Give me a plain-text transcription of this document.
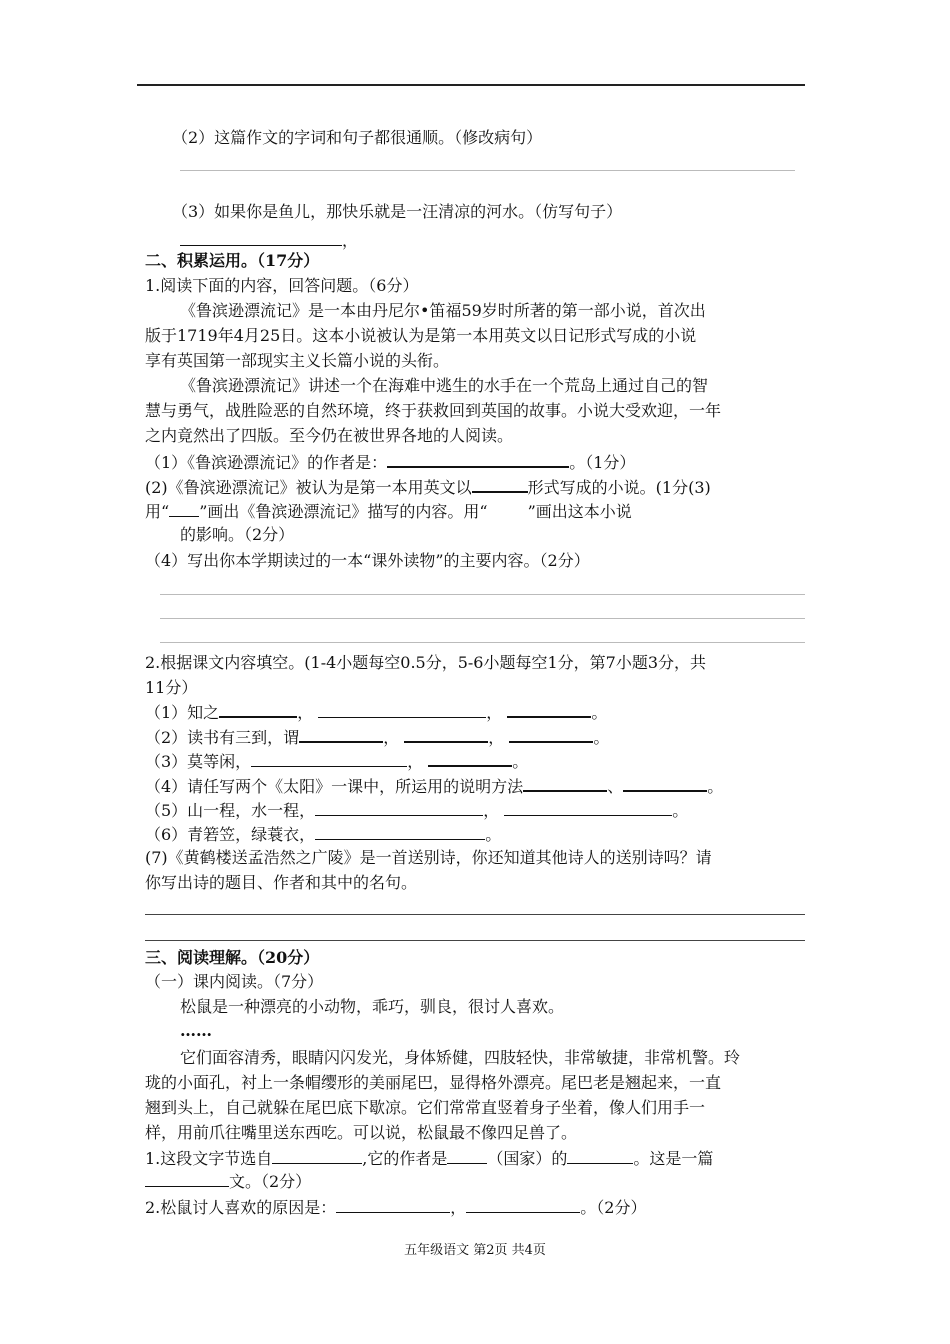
（2）这篇作文的字词和句子都很通顺。（修改病句）
（3）如果你是鱼儿，那快乐就是一汪清凉的河水。（仿写句子）
，
二、积累运用。（17分）
1.阅读下面的内容，回答问题。（6分）
《鲁滨逊漂流记》是一本由丹尼尔•笛福59岁时所著的第一部小说，首次出
版于1719年4月25日。这本小说被认为是第一本用英文以日记形式写成的小说
享有英国第一部现实主义长篇小说的头衔。
《鲁滨逊漂流记》讲述一个在海难中逃生的水手在一个荒岛上通过自己的智
慧与勇气，战胜险恶的自然环境，终于获救回到英国的故事。小说大受欢迎，一年
之内竟然出了四版。至今仍在被世界各地的人阅读。
（1）《鲁滨逊漂流记》的作者是：	。（1分）
(2)《鲁滨逊漂流记》被认为是第一本用英文以	形式写成的小说。(1分(3)
用“ ”画出《鲁滨逊漂流记》描写的内容。用“	”画出这本小说
的影响。（2分）
（4）写出你本学期读过的一本“课外读物”的主要内容。（2分）
2.根据课文内容填空。(1-4小题每空0.5分，5-6小题每空1分，第7小题3分，共
11分）
（1）知之	，	，	。
（2）读书有三到，谓	，	，	。
（3）莫等闲，	，	。
（4）请任写两个《太阳》一课中，所运用的说明方法	、	。
（5）山一程，水一程，	，	。
（6）青箬笠，绿蓑衣，	。
(7)《黄鹤楼送孟浩然之广陵》是一首送别诗，你还知道其他诗人的送别诗吗？请
你写出诗的题目、作者和其中的名句。
三、阅读理解。（20分）
（一）课内阅读。（7分）
松鼠是一种漂亮的小动物，乖巧，驯良，很讨人喜欢。
……
它们面容清秀，眼睛闪闪发光，身体矫健，四肢轻快，非常敏捷，非常机警。玲
珑的小面孔，衬上一条帽缨形的美丽尾巴，显得格外漂亮。尾巴老是翘起来，一直
翘到头上，自己就躲在尾巴底下歇凉。它们常常直竖着身子坐着，像人们用手一
样，用前爪往嘴里送东西吃。可以说，松鼠最不像四足兽了。
1.这段文字节选自	,它的作者是	（国家）的	。这是一篇
文。（2分）
2.松鼠讨人喜欢的原因是：	，	。（2分）
五年级语文 第2页 共4页
